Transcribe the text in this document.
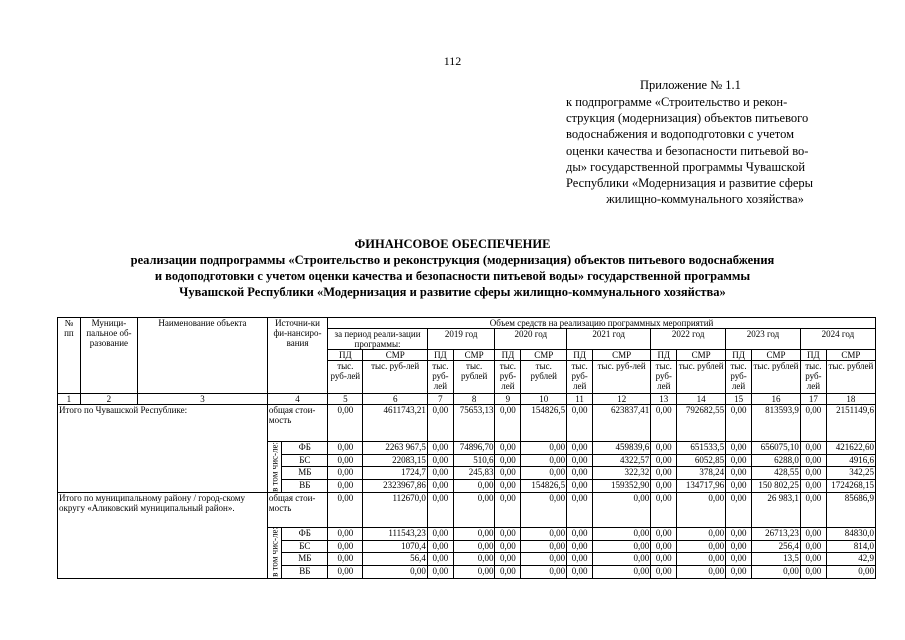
112
Приложение № 1.1
к подпрограмме «Строительство и рекон-
струкция (модернизация) объектов питьевого
водоснабжения и водоподготовки с учетом
оценки качества и безопасности питьевой во-
ды» государственной программы Чувашской
Республики «Модернизация и развитие сферы
жилищно-коммунального хозяйства»
ФИНАНСОВОЕ ОБЕСПЕЧЕНИЕ
реализации подпрограммы «Строительство и реконструкция (модернизация) объектов питьевого водоснабжения
и водоподготовки с учетом оценки качества и безопасности питьевой воды» государственной программы
Чувашской Республики «Модернизация и развитие сферы жилищно-коммунального хозяйства»
№ пп	Муници-пальное об-разование	Наименование объекта	Источни-ки фи-нансиро-вания		Объем средств на реализацию программных мероприятий													
					за период реали-зации программы:		2019 год		2020 год		2021 год		2022 год		2023 год		2024 год	
					ПД	СМР	ПД	СМР	ПД	СМР	ПД	СМР	ПД	СМР	ПД	СМР	ПД	СМР
					тыс. руб-лей	тыс. руб-лей	тыс. руб-лей	тыс. рублей	тыс. руб-лей	тыс. рублей	тыс. руб-лей	тыс. руб-лей	тыс. руб-лей	тыс. рублей	тыс. руб-лей	тыс. рублей	тыс. руб-лей	тыс. рублей
1	2	3	4		5	6	7	8	9	10	11	12	13	14	15	16	17	18
Итого по Чувашской Республике:			общая стои-мость		0,00	4611743,21	0,00	75653,13	0,00	154826,5	0,00	623837,41	0,00	792682,55	0,00	813593,9	0,00	2151149,6
			в том чис-ле:	ФБ	0,00	2263 967,5	0,00	74896,70	0,00	0,00	0,00	459839,6	0,00	651533,5	0,00	656075,10	0,00	421622,60
				БС	0,00	22083,15	0,00	510,6	0,00	0,00	0,00	4322,57	0,00	6052,85	0,00	6288,0	0,00	4916,6
				МБ	0,00	1724,7	0,00	245,83	0,00	0,00	0,00	322,32	0,00	378,24	0,00	428,55	0,00	342,25
				ВБ	0,00	2323967,86	0,00	0,00	0,00	154826,5	0,00	159352,90	0,00	134717,96	0,00	150 802,25	0,00	1724268,15
Итого по муниципальному району / город-скому округу «Аликовский муниципальный район».			общая стои-мость		0,00	112670,0	0,00	0,00	0,00	0,00	0,00	0,00	0,00	0,00	0,00	26 983,1	0,00	85686,9
			в том чис-ле:	ФБ	0,00	111543,23	0,00	0,00	0,00	0,00	0,00	0,00	0,00	0,00	0,00	26713,23	0,00	84830,0
				БС	0,00	1070,4	0,00	0,00	0,00	0,00	0,00	0,00	0,00	0,00	0,00	256,4	0,00	814,0
				МБ	0,00	56,4	0,00	0,00	0,00	0,00	0,00	0,00	0,00	0,00	0,00	13,5	0,00	42,9
				ВБ	0,00	0,00	0,00	0,00	0,00	0,00	0,00	0,00	0,00	0,00	0,00	0,00	0,00	0,00
